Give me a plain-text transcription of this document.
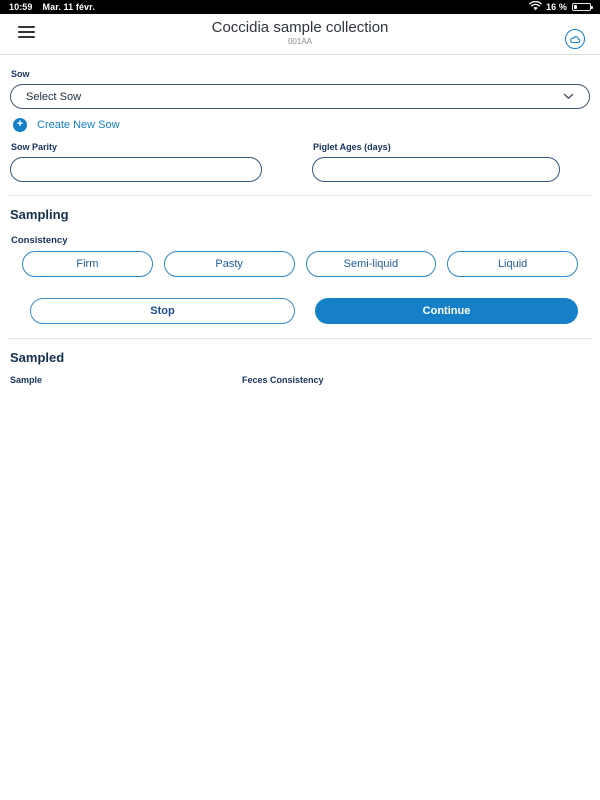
10:59 Mar. 11 févr.	16 %
Coccidia sample collection
001AA
Sow
Select Sow
+	Create New Sow
Sow Parity	Piglet Ages (days)
Sampling
Consistency
Firm	Pasty	Semi-liquid	Liquid
Stop	Continue
Sampled
Sample	Feces Consistency
